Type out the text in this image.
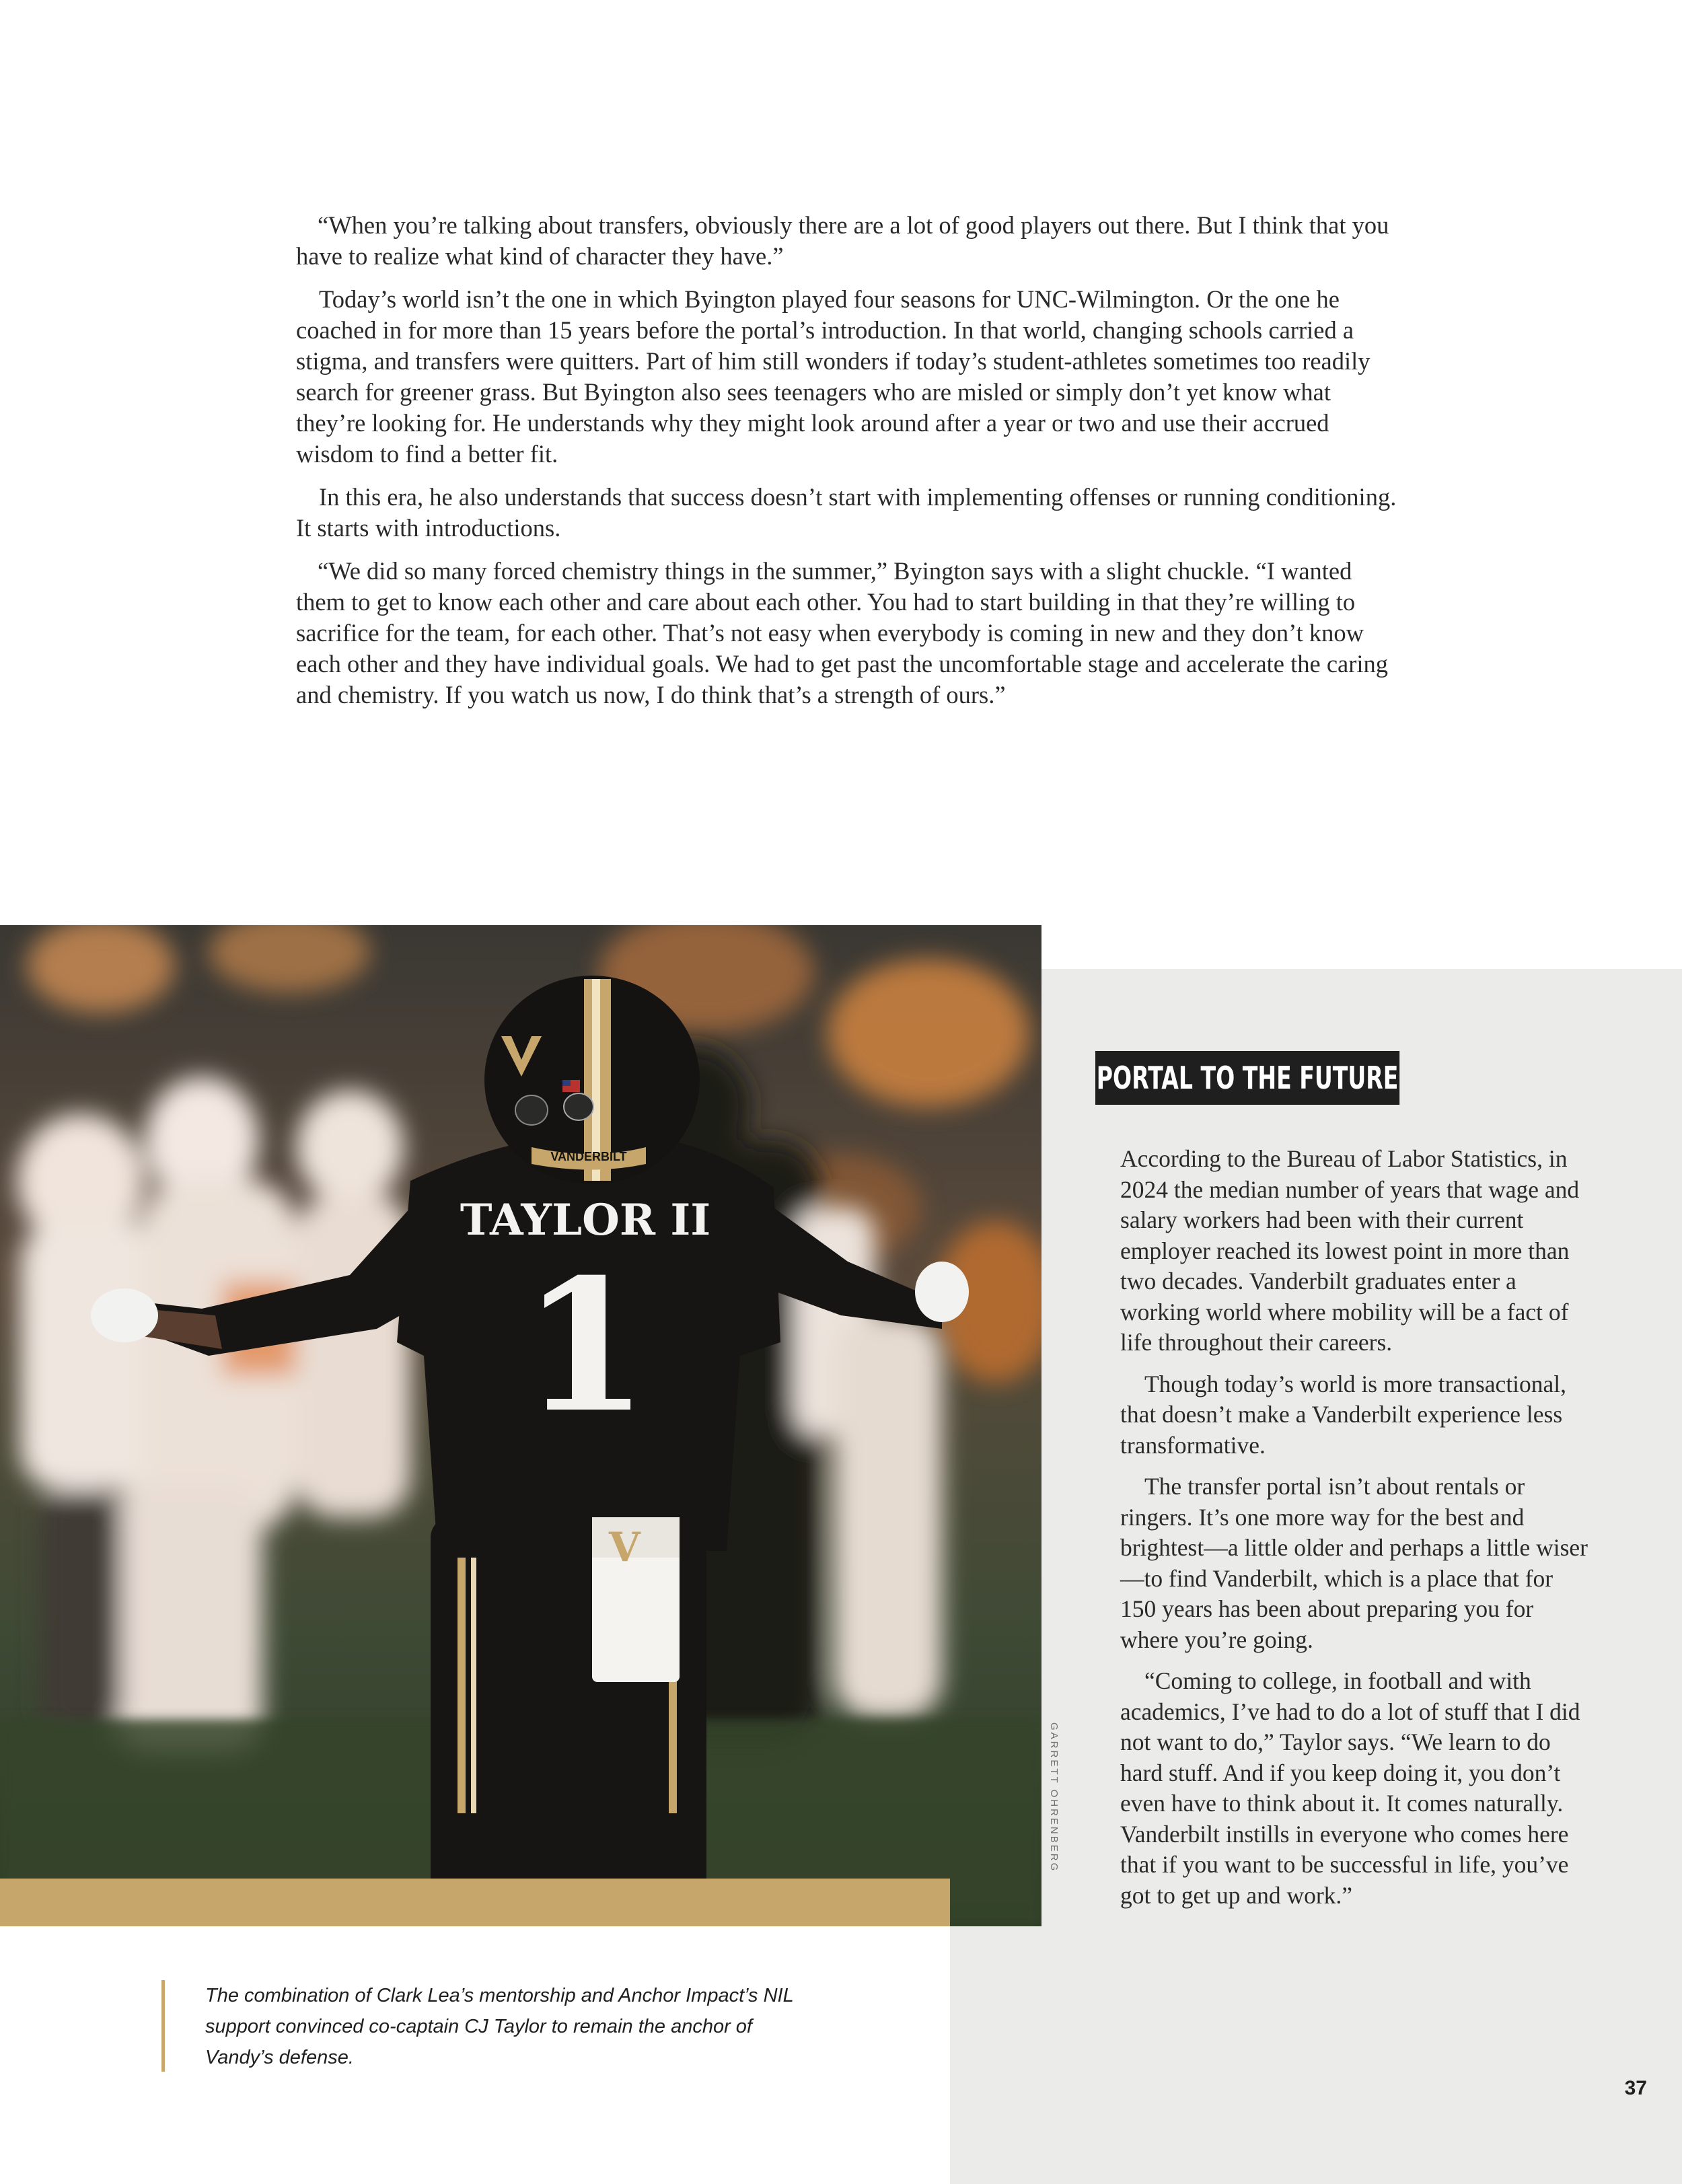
“When you’re talking about transfers, obviously there are a lot of good players out there. But I think that you have to realize what kind of character they have.”

Today’s world isn’t the one in which Byington played four seasons for UNC-Wilmington. Or the one he coached in for more than 15 years before the portal’s introduction. In that world, changing schools carried a stigma, and transfers were quitters. Part of him still wonders if today’s student-athletes sometimes too readily search for greener grass. But Byington also sees teenagers who are misled or simply don’t yet know what they’re looking for. He understands why they might look around after a year or two and use their accrued wisdom to find a better fit.

In this era, he also understands that success doesn’t start with implementing offenses or running conditioning. It starts with introductions.

“We did so many forced chemistry things in the summer,” Byington says with a slight chuckle. “I wanted them to get to know each other and care about each other. You had to start building in that they’re willing to sacrifice for the team, for each other. That’s not easy when everybody is coming in new and they don’t know each other and they have individual goals. We had to get past the uncomfortable stage and accelerate the caring and chemistry. If you watch us now, I do think that’s a strength of ours.”

VANDERBILT
TAYLOR II
1
V
GARRETT OHRENBERG
The combination of Clark Lea’s mentorship and Anchor Impact’s NIL support convinced co-captain CJ Taylor to remain the anchor of Vandy’s defense.
PORTAL TO THE FUTURE

According to the Bureau of Labor Statistics, in 2024 the median number of years that wage and salary workers had been with their current employer reached its lowest point in more than two decades. Vanderbilt graduates enter a working world where mobility will be a fact of life throughout their careers.

Though today’s world is more transactional, that doesn’t make a Vanderbilt experience less transformative.

The transfer portal isn’t about rentals or ringers. It’s one more way for the best and brightest—a little older and perhaps a little wiser—to find Vanderbilt, which is a place that for 150 years has been about preparing you for where you’re going.

“Coming to college, in football and with academics, I’ve had to do a lot of stuff that I did not want to do,” Taylor says. “We learn to do hard stuff. And if you keep doing it, you don’t even have to think about it. It comes naturally. Vanderbilt instills in everyone who comes here that if you want to be successful in life, you’ve got to get up and work.”

37
